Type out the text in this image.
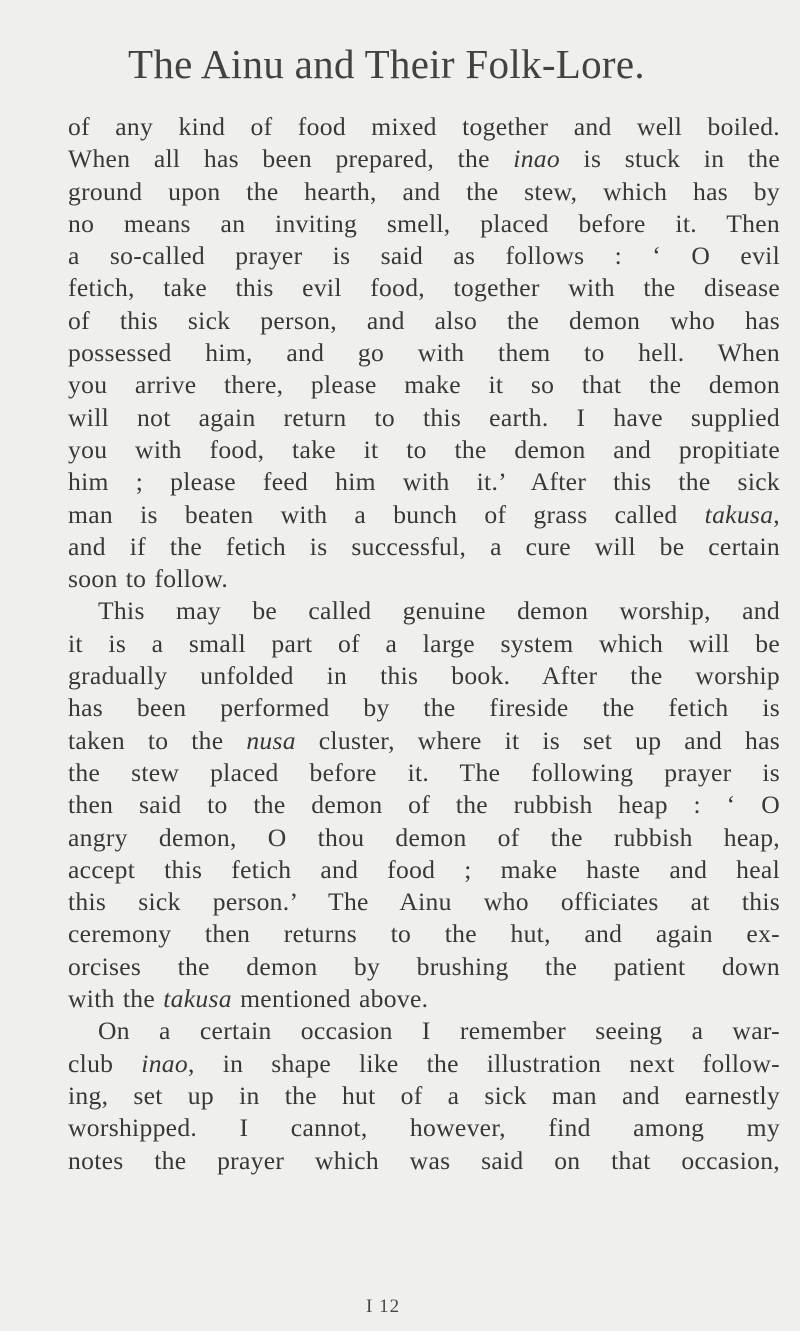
The Ainu and Their Folk-Lore.
of any kind of food mixed together and well boiled.
When all has been prepared, the inao is stuck in the
ground upon the hearth, and the stew, which has by
no means an inviting smell, placed before it. Then
a so-called prayer is said as follows : ‘ O evil
fetich, take this evil food, together with the disease
of this sick person, and also the demon who has
possessed him, and go with them to hell. When
you arrive there, please make it so that the demon
will not again return to this earth. I have supplied
you with food, take it to the demon and propitiate
him ; please feed him with it.’ After this the sick
man is beaten with a bunch of grass called takusa,
and if the fetich is successful, a cure will be certain
soon to follow.
This may be called genuine demon worship, and
it is a small part of a large system which will be
gradually unfolded in this book. After the worship
has been performed by the fireside the fetich is
taken to the nusa cluster, where it is set up and has
the stew placed before it. The following prayer is
then said to the demon of the rubbish heap : ‘ O
angry demon, O thou demon of the rubbish heap,
accept this fetich and food ; make haste and heal
this sick person.’ The Ainu who officiates at this
ceremony then returns to the hut, and again ex-
orcises the demon by brushing the patient down
with the takusa mentioned above.
On a certain occasion I remember seeing a war-
club inao, in shape like the illustration next follow-
ing, set up in the hut of a sick man and earnestly
worshipped. I cannot, however, find among my
notes the prayer which was said on that occasion,
I 12
